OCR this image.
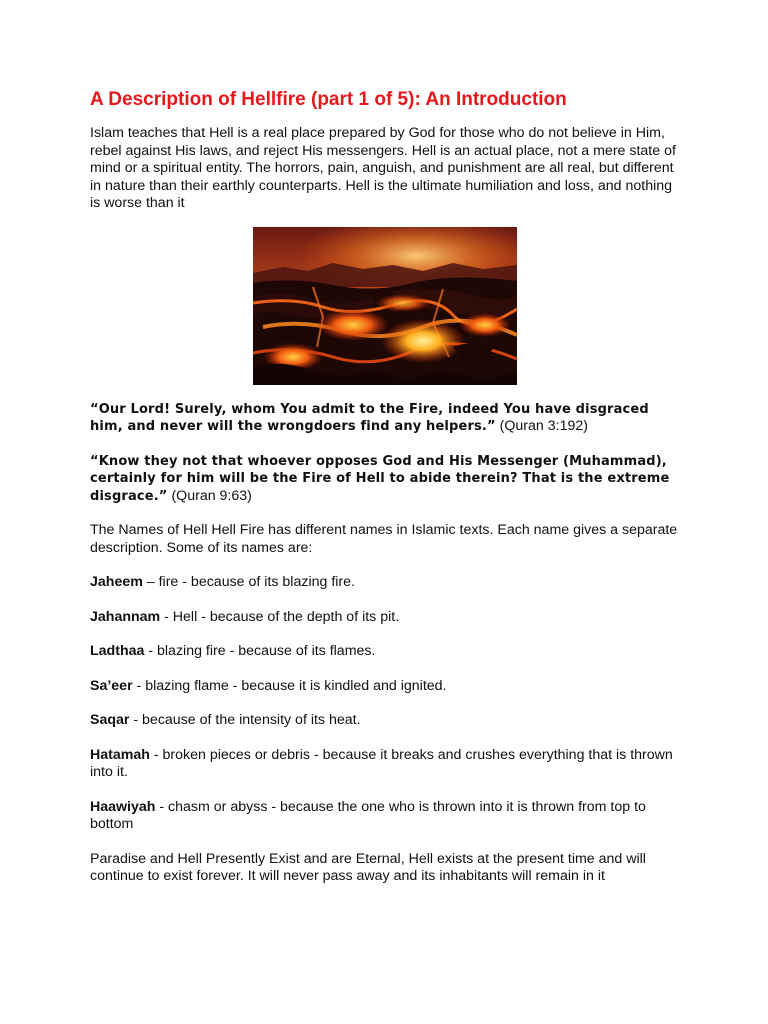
A Description of Hellfire (part 1 of 5): An Introduction

Islam teaches that Hell is a real place prepared by God for those who do not believe in Him, rebel against His laws, and reject His messengers. Hell is an actual place, not a mere state of mind or a spiritual entity. The horrors, pain, anguish, and punishment are all real, but different in nature than their earthly counterparts. Hell is the ultimate humiliation and loss, and nothing is worse than it

“Our Lord! Surely, whom You admit to the Fire, indeed You have disgraced him, and never will the wrongdoers find any helpers.” (Quran 3:192)

“Know they not that whoever opposes God and His Messenger (Muhammad), certainly for him will be the Fire of Hell to abide therein? That is the extreme disgrace.” (Quran 9:63)

The Names of Hell Hell Fire has different names in Islamic texts. Each name gives a separate description. Some of its names are:

Jaheem – fire - because of its blazing fire.

Jahannam - Hell - because of the depth of its pit.

Ladthaa - blazing fire - because of its flames.

Sa’eer - blazing flame - because it is kindled and ignited.

Saqar - because of the intensity of its heat.

Hatamah - broken pieces or debris - because it breaks and crushes everything that is thrown into it.

Haawiyah - chasm or abyss - because the one who is thrown into it is thrown from top to bottom

Paradise and Hell Presently Exist and are Eternal, Hell exists at the present time and will continue to exist forever. It will never pass away and its inhabitants will remain in it
